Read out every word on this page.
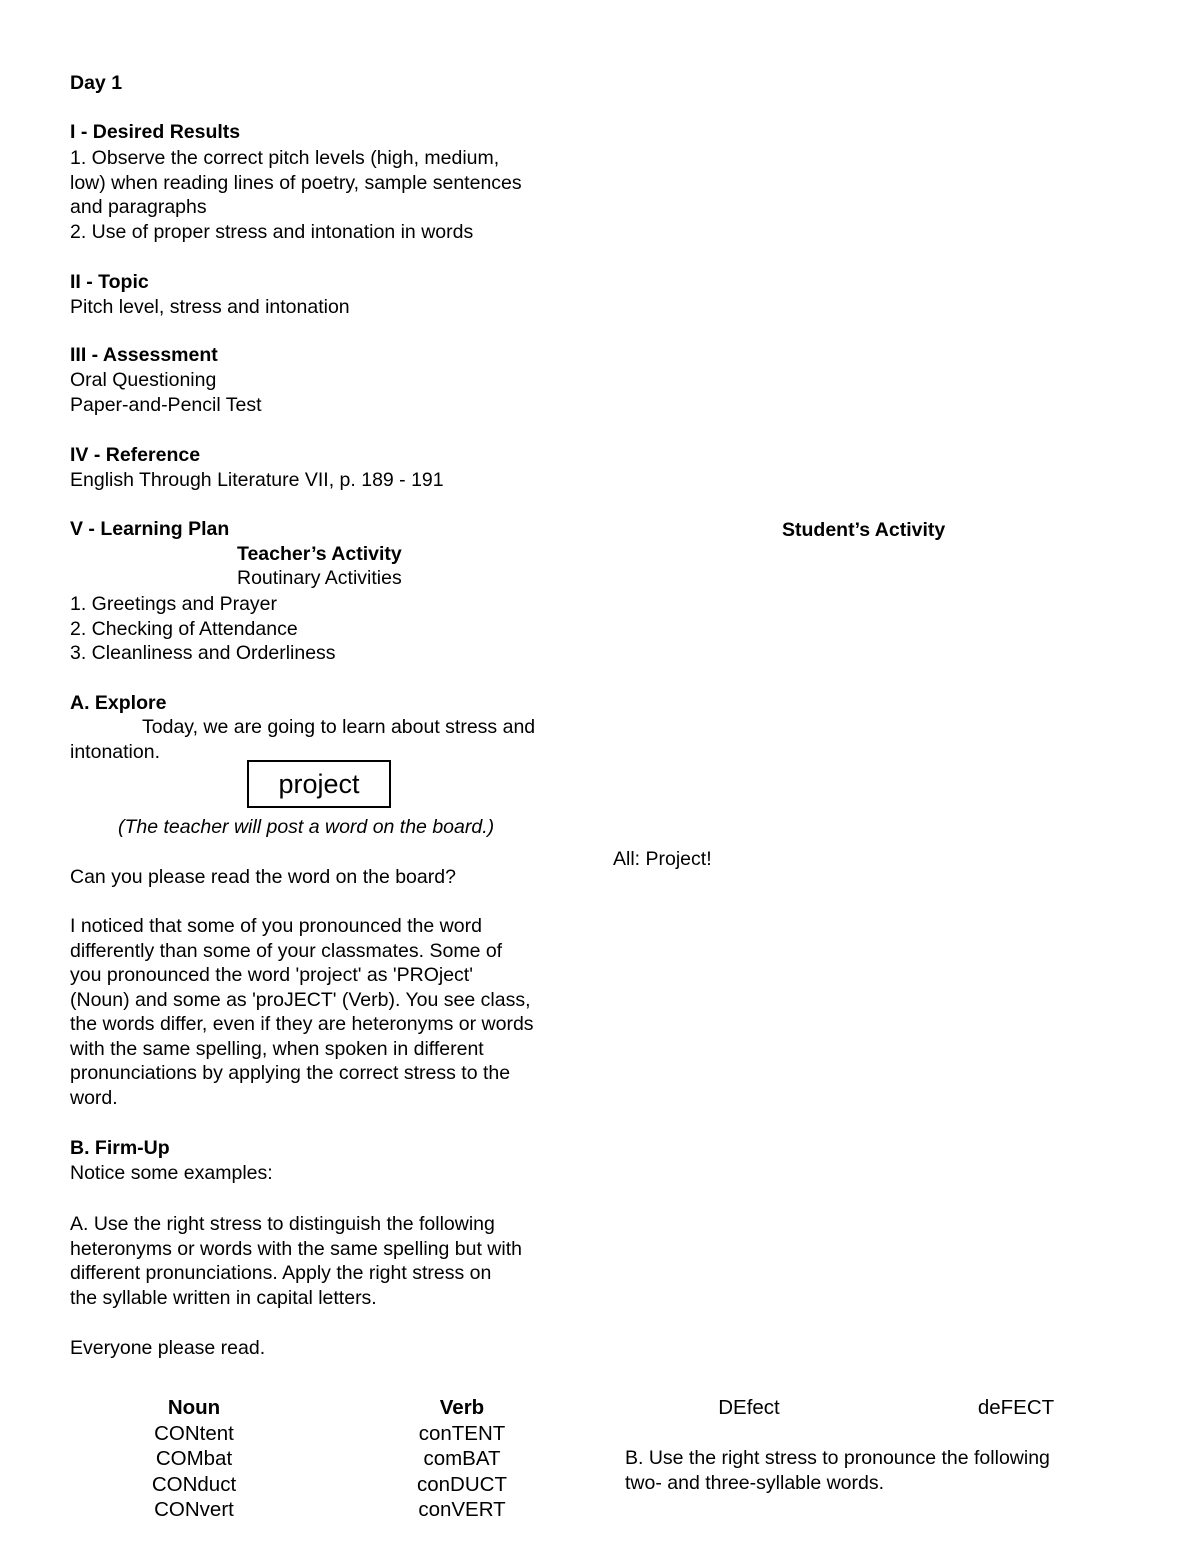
Day 1
I - Desired Results
1. Observe the correct pitch levels (high, medium,
low) when reading lines of poetry, sample sentences
and paragraphs
2. Use of proper stress and intonation in words
II - Topic
Pitch level, stress and intonation
III - Assessment
Oral Questioning
Paper-and-Pencil Test
IV - Reference
English Through Literature VII, p. 189 - 191
V - Learning Plan	Student’s Activity
Teacher’s Activity
Routinary Activities
1. Greetings and Prayer
2. Checking of Attendance
3. Cleanliness and Orderliness
A. Explore
Today, we are going to learn about stress and
intonation.
project
(The teacher will post a word on the board.)
All: Project!
Can you please read the word on the board?
I noticed that some of you pronounced the word
differently than some of your classmates. Some of
you pronounced the word 'project' as 'PROject'
(Noun) and some as 'proJECT' (Verb). You see class,
the words differ, even if they are heteronyms or words
with the same spelling, when spoken in different
pronunciations by applying the correct stress to the
word.
B. Firm-Up
Notice some examples:
A. Use the right stress to distinguish the following
heteronyms or words with the same spelling but with
different pronunciations. Apply the right stress on
the syllable written in capital letters.
Everyone please read.
Noun
CONtent
COMbat
CONduct
CONvert
Verb
conTENT
comBAT
conDUCT
conVERT
DEfect	deFECT
B. Use the right stress to pronounce the following
two- and three-syllable words.
